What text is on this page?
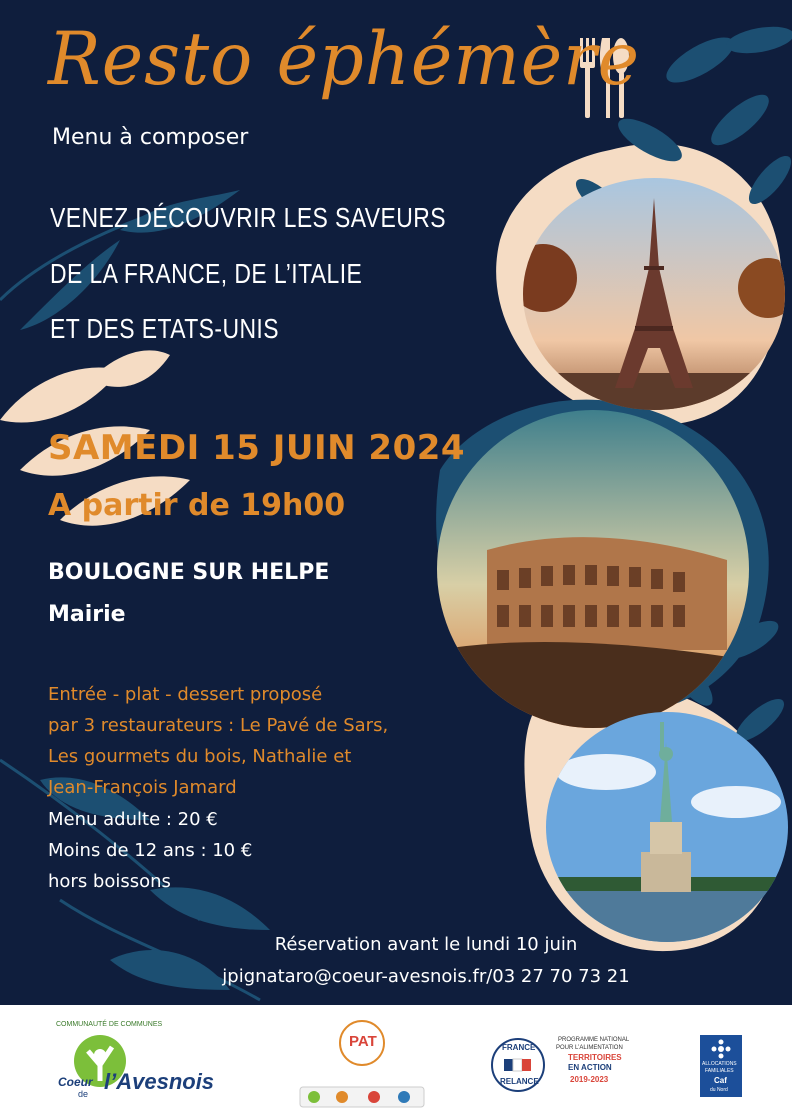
Resto éphémère

Menu à composer

VENEZ DÉCOUVRIR LES SAVEURS

DE LA FRANCE, DE L’ITALIE

ET DES ETATS-UNIS

SAMEDI 15 JUIN 2024

A partir de 19h00

BOULOGNE SUR HELPE

Mairie

Entrée - plat - dessert proposé

par 3 restaurateurs : Le Pavé de Sars,

Les gourmets du bois, Nathalie et

Jean-François Jamard

Menu adulte : 20 €

Moins de 12 ans : 10 €

hors boissons

Réservation avant le lundi 10 juin

jpignataro@coeur-avesnois.fr/03 27 70 73 21

COMMUNAUTÉ DE COMMUNES
Coeur
de l’Avesnois
PAT	FRANCE
RELANCE
PROGRAMME NATIONAL
POUR L’ALIMENTATION
TERRITOIRES
EN ACTION
2019-2023
ALLOCATIONS
FAMILIALES
Caf
du Nord
